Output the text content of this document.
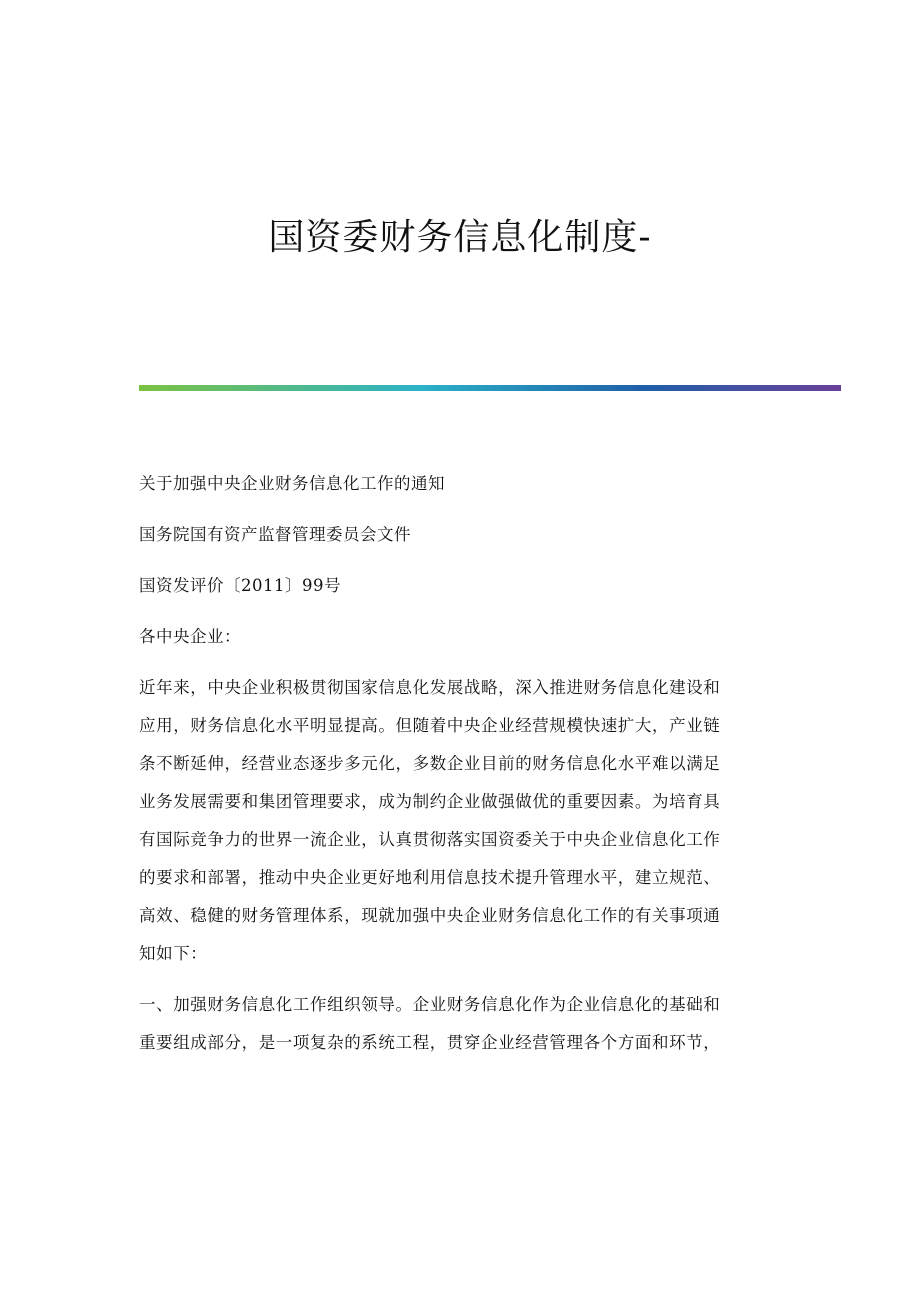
国资委财务信息化制度-
关于加强中央企业财务信息化工作的通知
国务院国有资产监督管理委员会文件
国资发评价〔2011〕99号
各中央企业：
近年来，中央企业积极贯彻国家信息化发展战略，深入推进财务信息化建设和
应用，财务信息化水平明显提高。但随着中央企业经营规模快速扩大，产业链
条不断延伸，经营业态逐步多元化，多数企业目前的财务信息化水平难以满足
业务发展需要和集团管理要求，成为制约企业做强做优的重要因素。为培育具
有国际竞争力的世界一流企业，认真贯彻落实国资委关于中央企业信息化工作
的要求和部署，推动中央企业更好地利用信息技术提升管理水平，建立规范、
高效、稳健的财务管理体系，现就加强中央企业财务信息化工作的有关事项通
知如下：
一、加强财务信息化工作组织领导。企业财务信息化作为企业信息化的基础和
重要组成部分，是一项复杂的系统工程，贯穿企业经营管理各个方面和环节，
